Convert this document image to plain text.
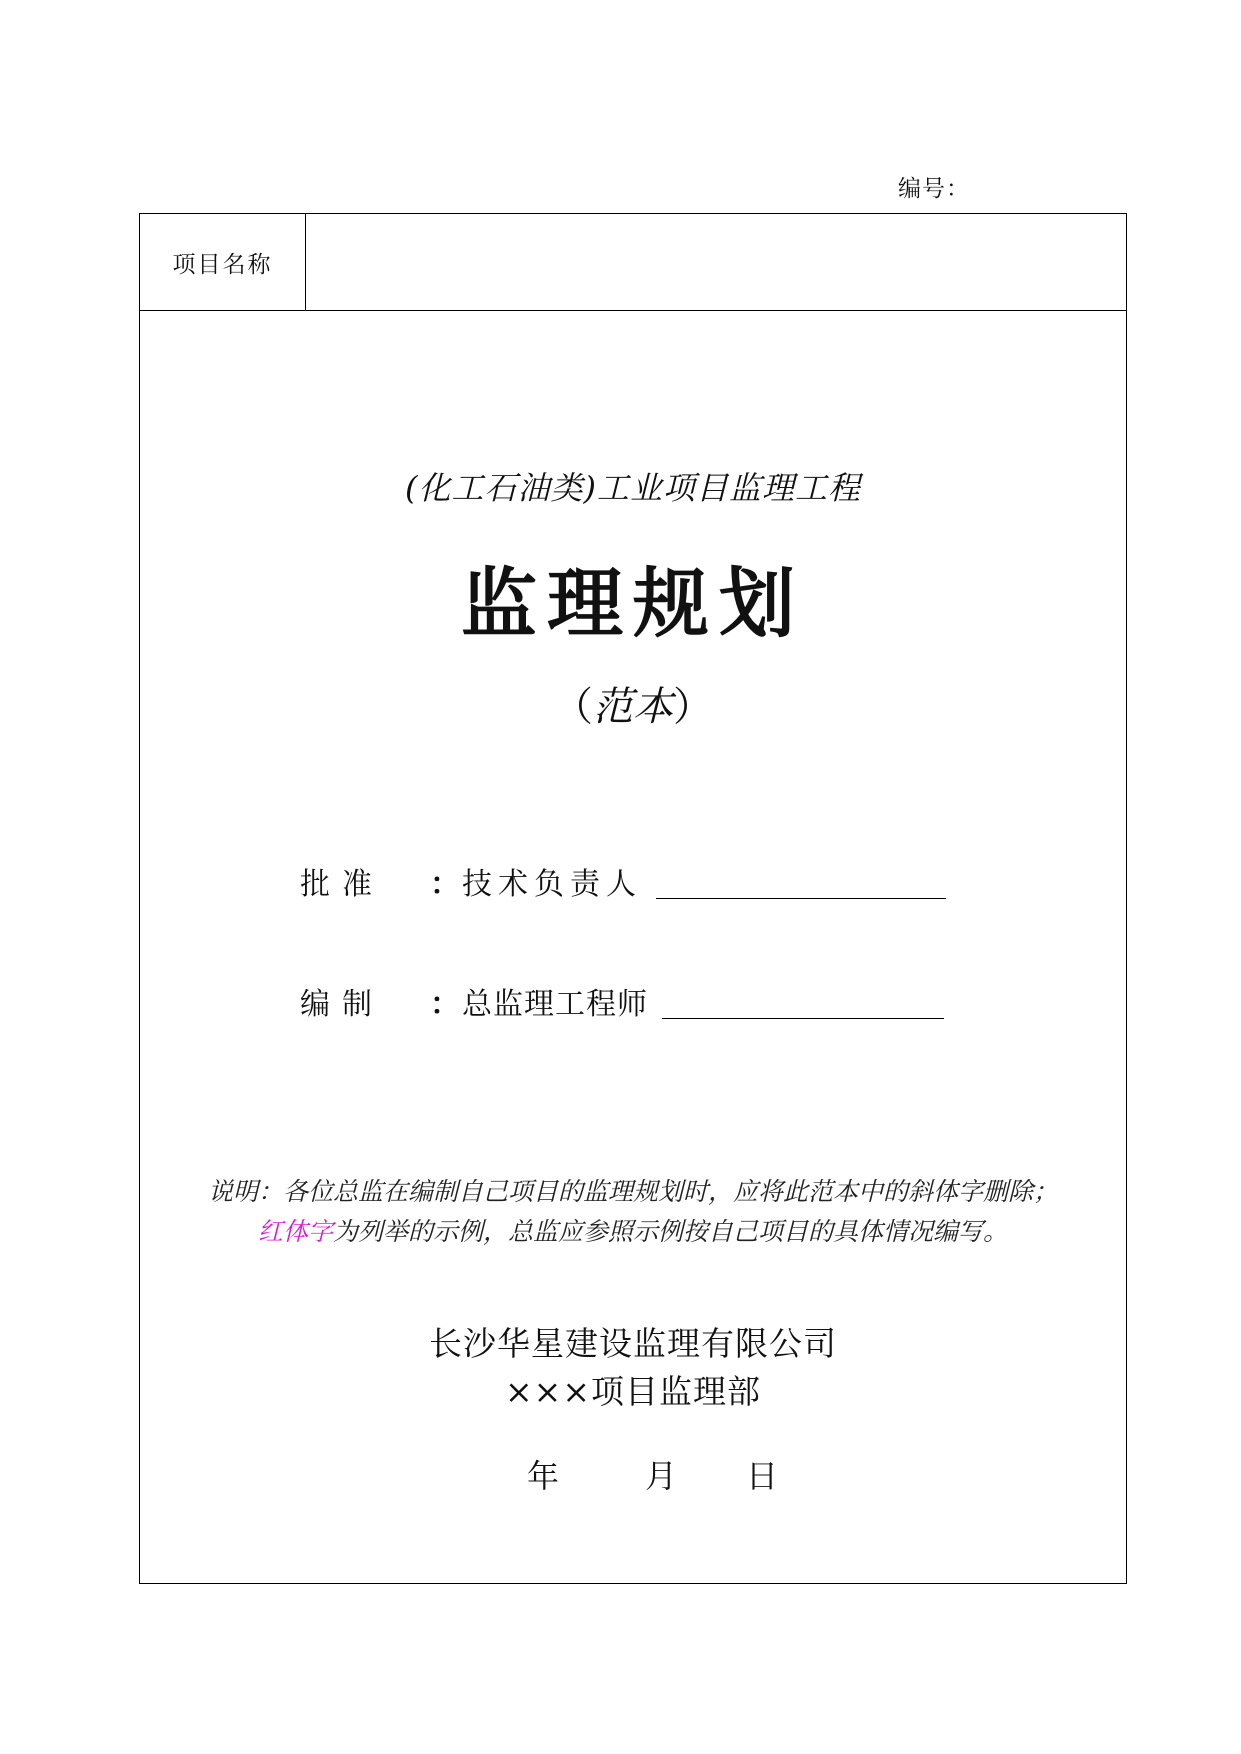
编号：
项目名称
(化工石油类)工业项目监理工程
监理规划
（范本）
批准	： 技术负责人
编制	： 总监理工程师
说明：各位总监在编制自己项目的监理规划时，应将此范本中的斜体字删除；
红体字为列举的示例，总监应参照示例按自己项目的具体情况编写。
长沙华星建设监理有限公司
×××项目监理部
年	月 日
